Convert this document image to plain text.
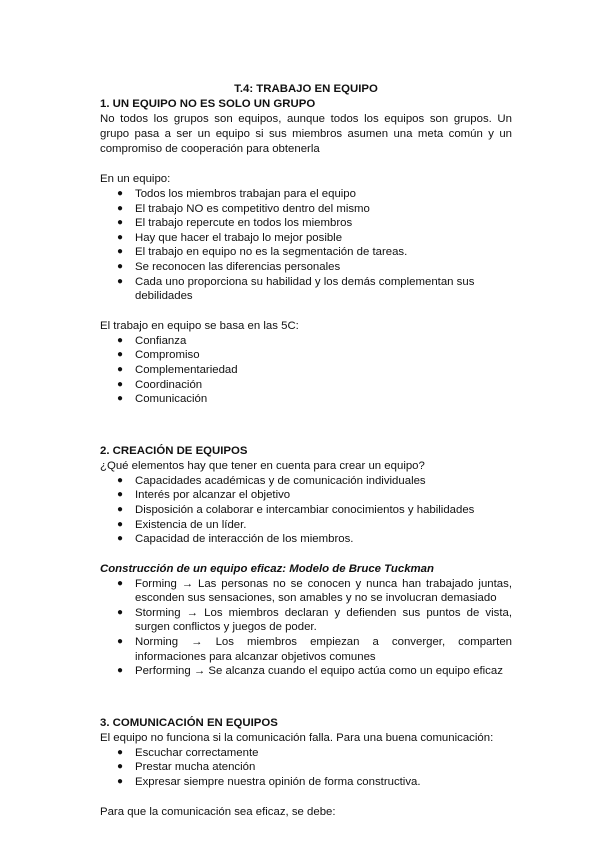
T.4: TRABAJO EN EQUIPO

1. UN EQUIPO NO ES SOLO UN GRUPO

No todos los grupos son equipos, aunque todos los equipos son grupos. Un grupo pasa a ser un equipo si sus miembros asumen una meta común y un compromiso de cooperación para obtenerla

En un equipo:

● Todos los miembros trabajan para el equipo
● El trabajo NO es competitivo dentro del mismo
● El trabajo repercute en todos los miembros
● Hay que hacer el trabajo lo mejor posible
● El trabajo en equipo no es la segmentación de tareas.
● Se reconocen las diferencias personales
● Cada uno proporciona su habilidad y los demás complementan sus debilidades

El trabajo en equipo se basa en las 5C:

● Confianza
● Compromiso
● Complementariedad
● Coordinación
● Comunicación
2. CREACIÓN DE EQUIPOS

¿Qué elementos hay que tener en cuenta para crear un equipo?

● Capacidades académicas y de comunicación individuales
● Interés por alcanzar el objetivo
● Disposición a colaborar e intercambiar conocimientos y habilidades
● Existencia de un líder.
● Capacidad de interacción de los miembros.

Construcción de un equipo eficaz: Modelo de Bruce Tuckman

● Forming → Las personas no se conocen y nunca han trabajado juntas, esconden sus sensaciones, son amables y no se involucran demasiado
● Storming → Los miembros declaran y defienden sus puntos de vista, surgen conflictos y juegos de poder.
● Norming → Los miembros empiezan a converger, comparten informaciones para alcanzar objetivos comunes
● Performing → Se alcanza cuando el equipo actúa como un equipo eficaz
3. COMUNICACIÓN EN EQUIPOS

El equipo no funciona si la comunicación falla. Para una buena comunicación:

● Escuchar correctamente
● Prestar mucha atención
● Expresar siempre nuestra opinión de forma constructiva.

Para que la comunicación sea eficaz, se debe:
